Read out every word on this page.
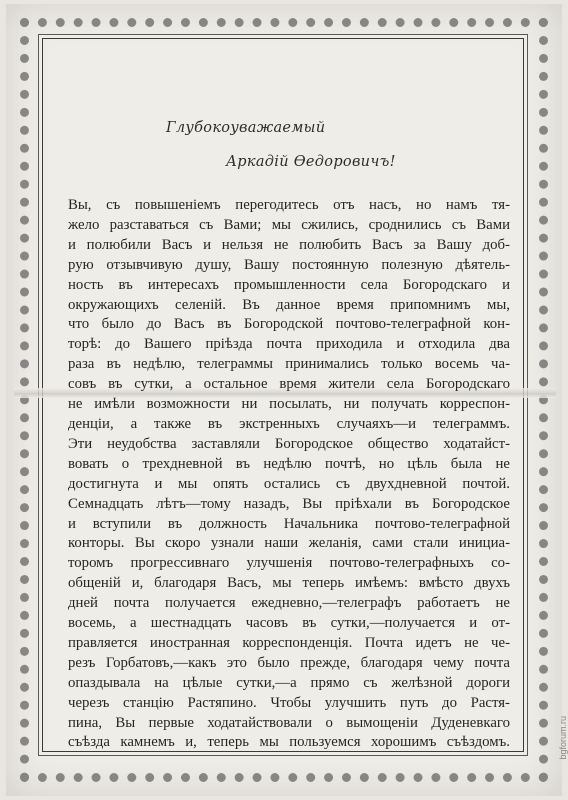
Глубокоуважаемый
Аркадій Өедоровичъ!
Вы, съ повышеніемъ перегодитесь отъ насъ, но намъ тя-
жело разставаться съ Вами; мы сжились, сроднились съ Вами
и полюбили Васъ и нельзя не полюбить Васъ за Вашу доб-
рую отзывчивую душу, Вашу постоянную полезную дѣятель-
ность въ интересахъ промышленности села Богородскаго и
окружающихъ селеній. Въ данное время припомнимъ мы,
что было до Васъ въ Богородской почтово-телеграфной кон-
торѣ: до Вашего пріѣзда почта приходила и отходила два
раза въ недѣлю, телеграммы принимались только восемь ча-
совъ въ сутки, а остальное время жители села Богородскаго
не имѣли возможности ни посылать, ни получать корреспон-
денціи, а также въ экстренныхъ случаяхъ—и телеграммъ.
Эти неудобства заставляли Богородское общество ходатайст-
вовать о трехдневной въ недѣлю почтѣ, но цѣль была не
достигнута и мы опять остались съ двухдневной почтой.
Семнадцать лѣтъ—тому назадъ, Вы пріѣхали въ Богородское
и вступили въ должность Начальника почтово-телеграфной
конторы. Вы скоро узнали наши желанія, сами стали инициа-
торомъ прогрессивнаго улучшенія почтово-телеграфныхъ со-
общеній и, благодаря Васъ, мы теперь имѣемъ: вмѣсто двухъ
дней почта получается ежедневно,—телеграфъ работаетъ не
восемь, а шестнадцать часовъ въ сутки,—получается и от-
правляется иностранная корреспонденція. Почта идетъ не че-
резъ Горбатовъ,—какъ это было прежде, благодаря чему почта
опаздывала на цѣлые сутки,—а прямо съ желѣзной дороги
черезъ станцію Растяпино. Чтобы улучшить путь до Растя-
пина, Вы первые ходатайствовали о вымощеніи Дуденевкаго
съѣзда камнемъ и, теперь мы пользуемся хорошимъ съѣздомъ.	bgforum.ru
